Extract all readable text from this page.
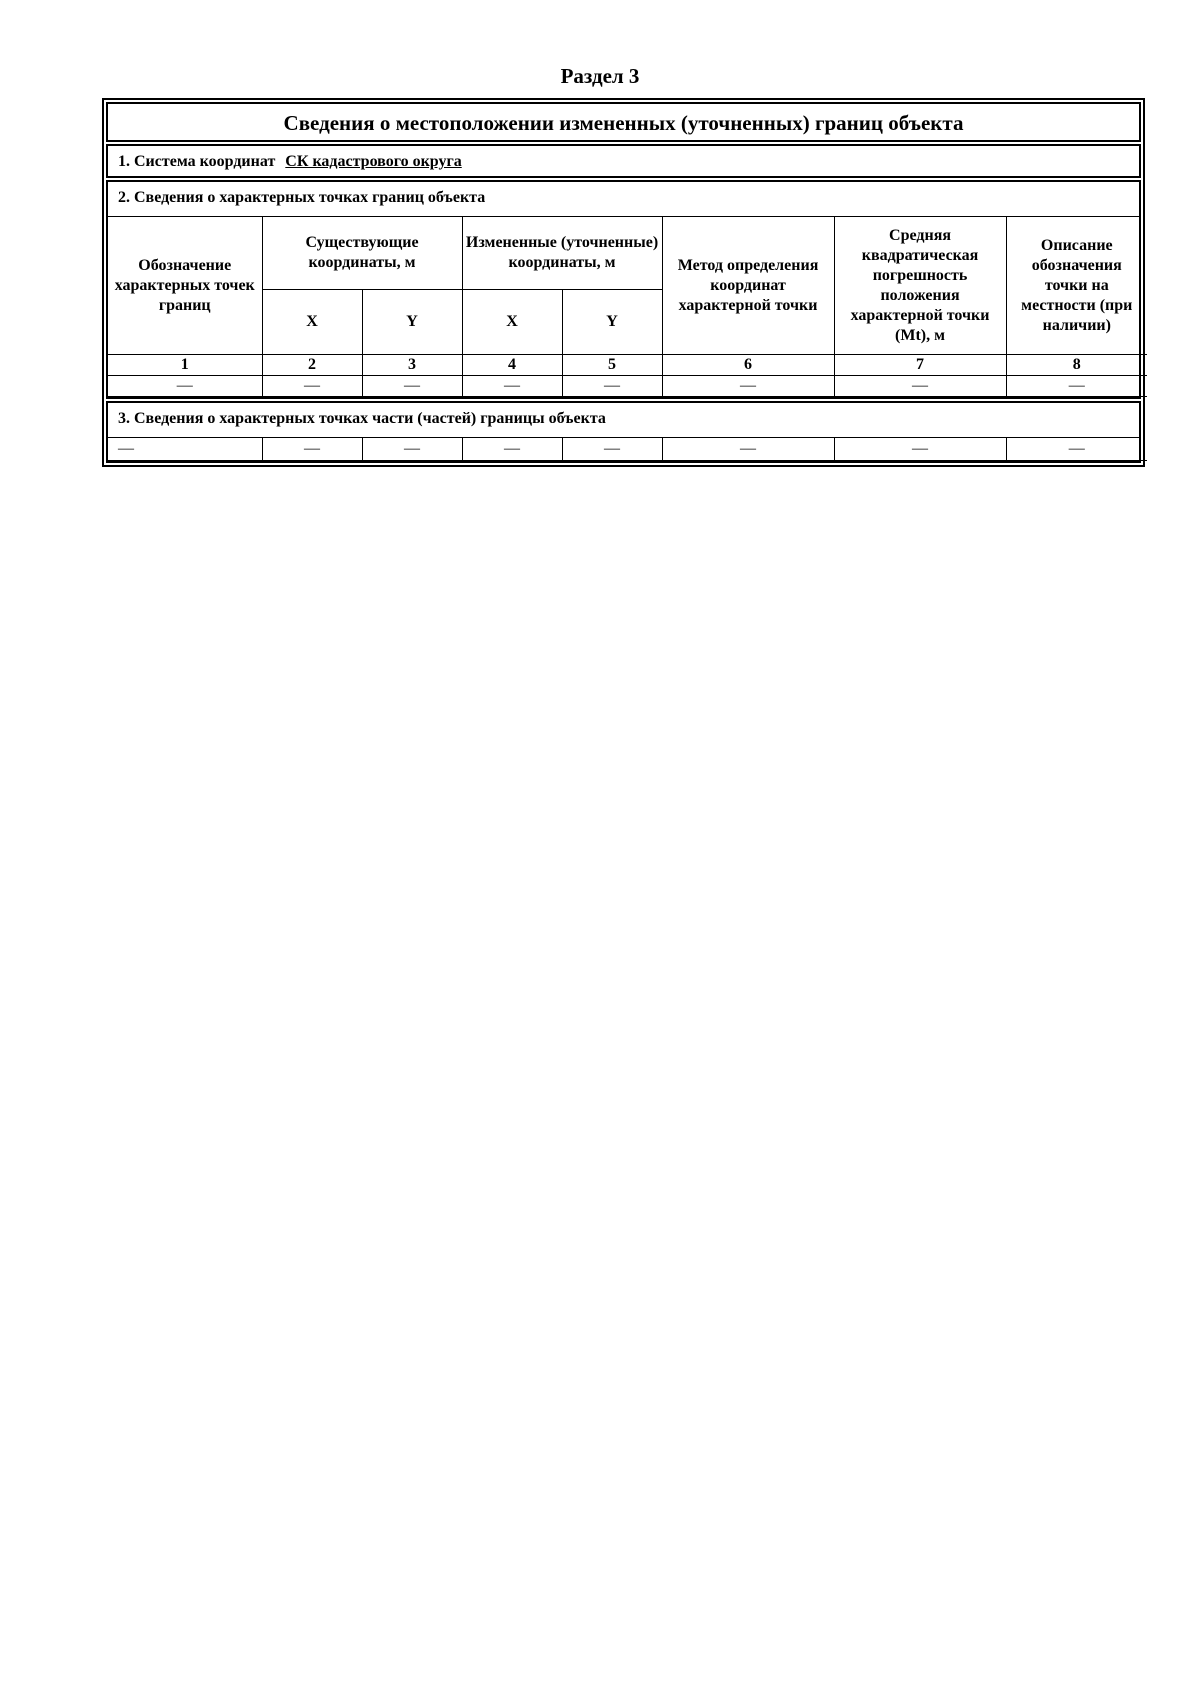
Раздел 3
Сведения о местоположении измененных (уточненных) границ объекта
1. Система координат СК кадастрового округа
2. Сведения о характерных точках границ объекта
Обозначение характерных точек границ	Существующие координаты, м		Измененные (уточненные) координаты, м		Метод определения координат характерной точки	Средняя квадратическая погрешность положения характерной точки (Mt), м	Описание обозначения точки на местности (при наличии)
	X	Y	X	Y			
1	2	3	4	5	6	7	8
—	—	—	—	—	—	—	—
3. Сведения о характерных точках части (частей) границы объекта
—	—	—	—	—	—	—	—
